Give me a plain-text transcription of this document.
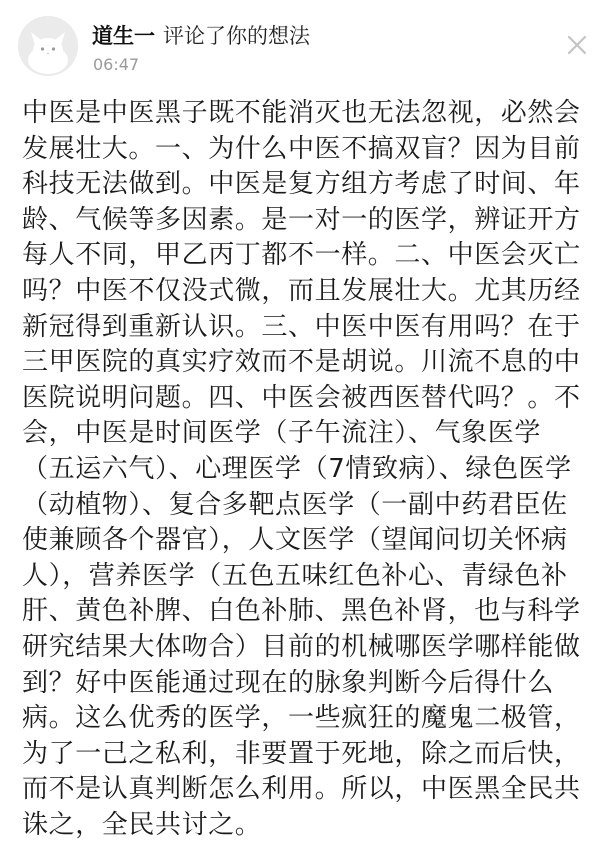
道生一 评论了你的想法
06:47
中医是中医黑子既不能消灭也无法忽视，必然会发展壮大。一、为什么中医不搞双盲？因为目前科技无法做到。中医是复方组方考虑了时间、年龄、气候等多因素。是一对一的医学，辨证开方每人不同，甲乙丙丁都不一样。二、中医会灭亡吗？中医不仅没式微，而且发展壮大。尤其历经新冠得到重新认识。三、中医中医有用吗？在于三甲医院的真实疗效而不是胡说。川流不息的中医院说明问题。四、中医会被西医替代吗？。不会，中医是时间医学（子午流注）、气象医学（五运六气）、心理医学（7情致病）、绿色医学（动植物）、复合多靶点医学（一副中药君臣佐使兼顾各个器官），人文医学（望闻问切关怀病人），营养医学（五色五味红色补心、青绿色补肝、黄色补脾、白色补肺、黑色补肾，也与科学研究结果大体吻合）目前的机械哪医学哪样能做到？好中医能通过现在的脉象判断今后得什么病。这么优秀的医学，一些疯狂的魔鬼二极管，为了一己之私利，非要置于死地，除之而后快，而不是认真判断怎么利用。所以，中医黑全民共诛之，全民共讨之。
